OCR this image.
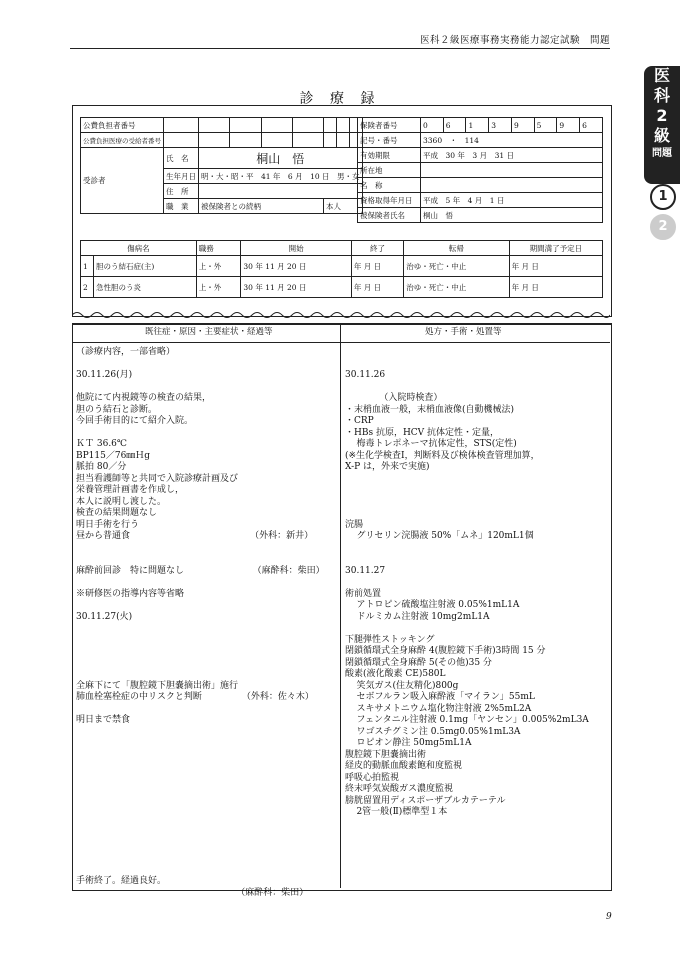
医科２級医療事務実務能力認定試験　問題
医
科
2
級
問題
1
2
診 療 録
公費負担者番号								
公費負担医療の受給者番号								
受診者	氏　名	桐山　悟						
	生年月日	明・大・昭・平　41 年　6 月　10 日　男・女						
	住　所							
	職　業	被保険者との続柄				本人		
保険者番号	0	6	1	3	9	5	9	6
記号・番号	3360　・　114							
有効期限	平成　30 年　3 月　31 日							
所在地								
名　称								
資格取得年月日	平成　5 年　4 月　1 日							
被保険者氏名	桐山　悟							
傷病名		職務	開始	終了	転帰	期間満了予定日
1	胆のう結石症(主)	上・外	30 年 11 月 20 日	年 月 日	治ゆ・死亡・中止	年 月 日
2	急性胆のう炎	上・外	30 年 11 月 20 日	年 月 日	治ゆ・死亡・中止	年 月 日
既往症・原因・主要症状・経過等	処方・手術・処置等
（診療内容，一部省略）

30.11.26(月)

他院にて内視鏡等の検査の結果，
胆のう結石と診断。
今回手術目的にて紹介入院。

ＫＴ 36.6℃
BP115／76㎜Ｈg
脈拍 80／分
担当看護師等と共同で入院診療計画及び
栄養管理計画書を作成し，
本人に説明し渡した。
検査の結果問題なし
明日手術を行う
昼から普通食                                          （外科：新井）

麻酔前回診　特に問題なし                        （麻酔科：柴田）

※研修医の指導内容等省略

30.11.27(火)

全麻下にて「腹腔鏡下胆嚢摘出術」施行
肺血栓塞栓症の中リスクと判断              （外科：佐々木）

明日まで禁食

手術終了。経過良好。
（麻酔科：柴田）

30.11.26

（入院時検査）
・末梢血液一般，末梢血液像(自動機械法)
・CRP
・HBs 抗原，HCV 抗体定性・定量，
梅毒トレポネーマ抗体定性，STS(定性)
(※生化学検査Ⅰ，判断料及び検体検査管理加算，
X-P は，外来で実施)

浣腸
グリセリン浣腸液 50%「ムネ」120mL1個

30.11.27

術前処置
アトロピン硫酸塩注射液 0.05%1mL1A
ドルミカム注射液 10mg2mL1A

下腿弾性ストッキング
閉鎖循環式全身麻酔 4(腹腔鏡下手術)3時間 15 分
閉鎖循環式全身麻酔 5(その他)35 分
酸素(液化酸素 CE)580L
笑気ガス(住友精化)800g
セボフルラン吸入麻酔液「マイラン」55mL
スキサメトニウム塩化物注射液 2%5mL2A
フェンタニル注射液 0.1mg「ヤンセン」0.005%2mL3A
ワゴスチグミン注 0.5mg0.05%1mL3A
ロピオン静注 50mg5mL1A
腹腔鏡下胆嚢摘出術
経皮的動脈血酸素飽和度監視
呼吸心拍監視
終末呼気炭酸ガス濃度監視
膀胱留置用ディスポーザブルカテーテル
2管一般(Ⅱ)標準型１本
9
